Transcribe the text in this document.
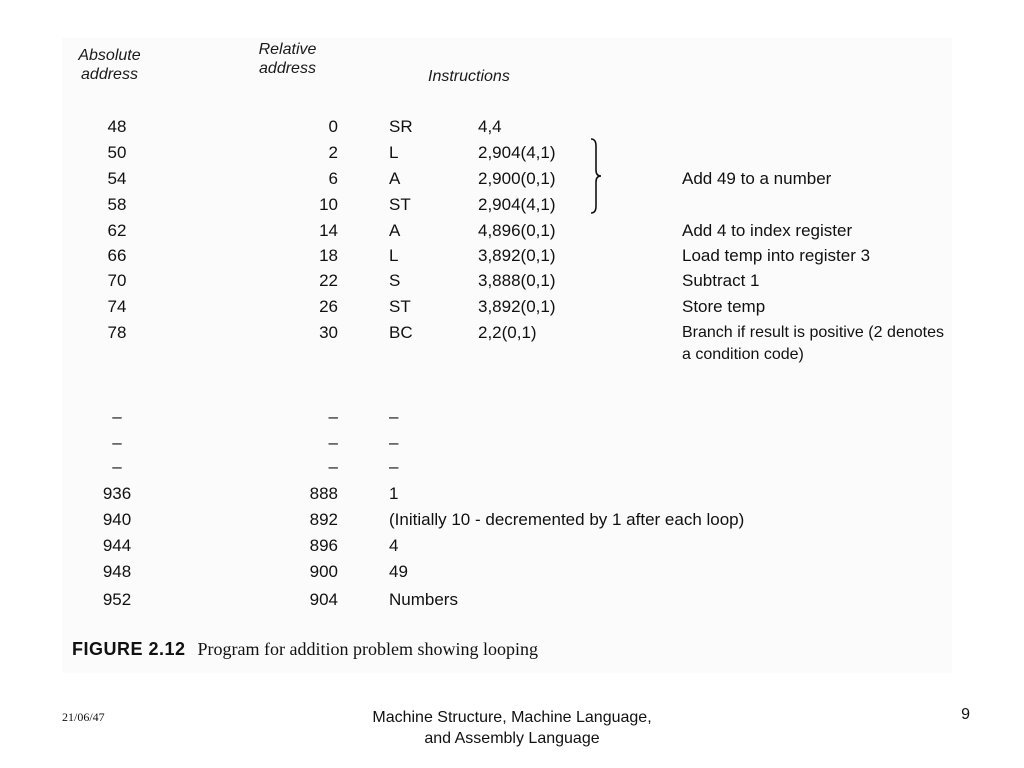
Absolute
address
Relative
address	Instructions
48	0	SR	4,4
50	2	L	2,904(4,1)
54	6	A	2,900(0,1)	Add 49 to a number
58	10	ST	2,904(4,1)
62	14	A	4,896(0,1)	Add 4 to index register
66	18	L	3,892(0,1)	Load temp into register 3
70	22	S	3,888(0,1)	Subtract 1
74	26	ST	3,892(0,1)	Store temp
78	30	BC	2,2(0,1)	Branch if result is positive (2 denotes a condition code)
–	–	–
–	–	–
–	–	–
936	888	1
940	892	(Initially 10 - decremented by 1 after each loop)
944	896	4
948	900	49
952	904	Numbers
FIGURE 2.12 Program for addition problem showing looping
21/06/47	Machine Structure, Machine Language, and Assembly Language
9
